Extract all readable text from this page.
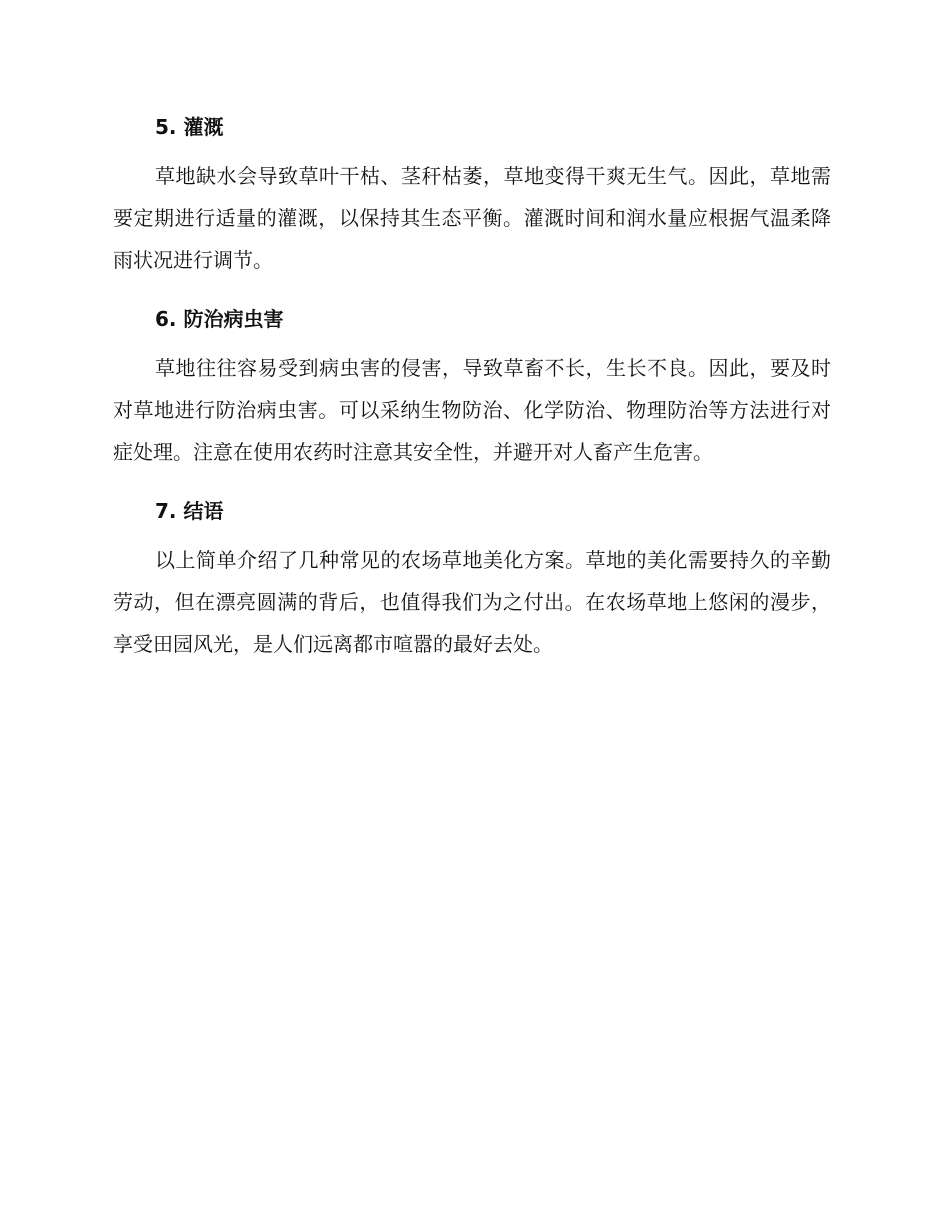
5. 灌溉

草地缺水会导致草叶干枯、茎秆枯萎，草地变得干爽无生气。因此，草地需要定期进行适量的灌溉，以保持其生态平衡。灌溉时间和润水量应根据气温柔降雨状况进行调节。

6. 防治病虫害

草地往往容易受到病虫害的侵害，导致草畜不长，生长不良。因此，要及时对草地进行防治病虫害。可以采纳生物防治、化学防治、物理防治等方法进行对症处理。注意在使用农药时注意其安全性，并避开对人畜产生危害。

7. 结语

以上简单介绍了几种常见的农场草地美化方案。草地的美化需要持久的辛勤劳动，但在漂亮圆满的背后，也值得我们为之付出。在农场草地上悠闲的漫步，享受田园风光，是人们远离都市喧嚣的最好去处。
